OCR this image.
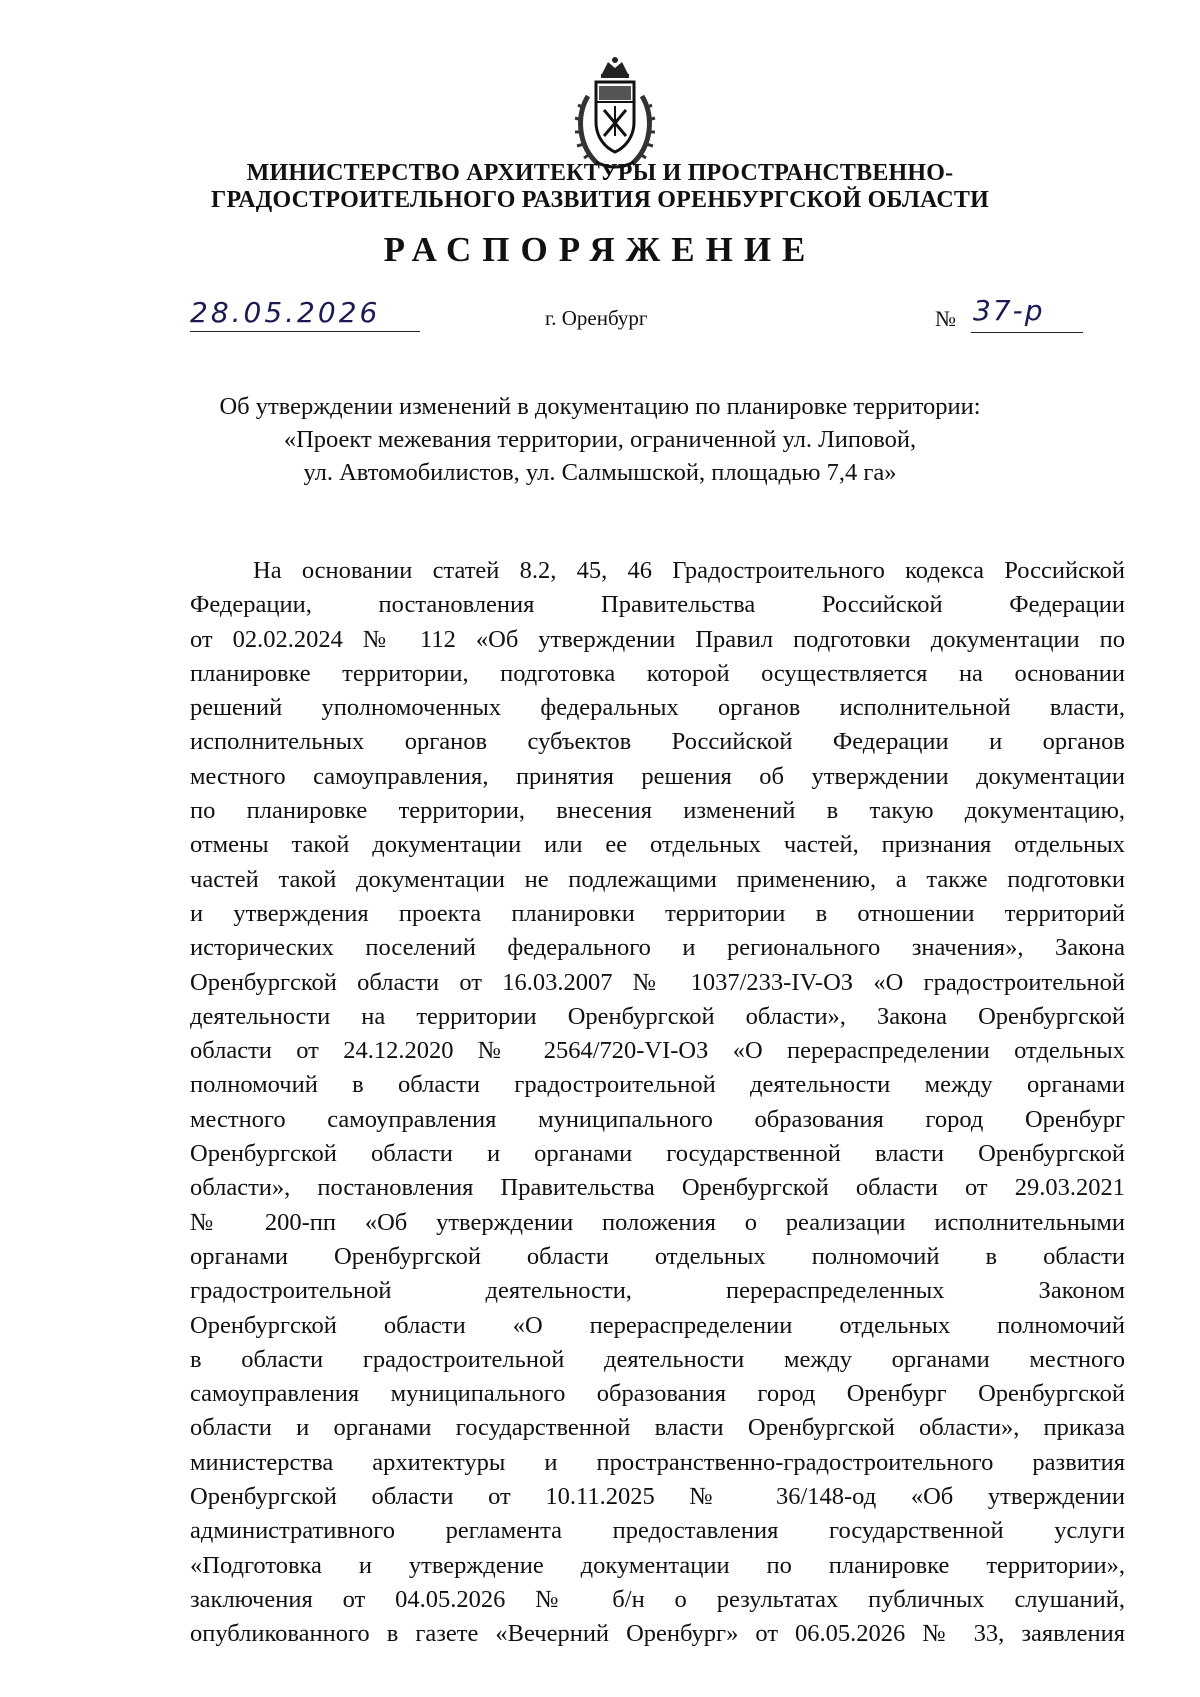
МИНИСТЕРСТВО АРХИТЕКТУРЫ И ПРОСТРАНСТВЕННО-
ГРАДОСТРОИТЕЛЬНОГО РАЗВИТИЯ ОРЕНБУРГСКОЙ ОБЛАСТИ
РАСПОРЯЖЕНИЕ
28.05.2026	г. Оренбург	№ 37-р
Об утверждении изменений в документацию по планировке территории:
«Проект межевания территории, ограниченной ул. Липовой,
ул. Автомобилистов, ул. Салмышской, площадью 7,4 га»
На основании статей 8.2, 45, 46 Градостроительного кодекса Российской
Федерации, постановления Правительства Российской Федерации
от 02.02.2024 № 112 «Об утверждении Правил подготовки документации по
планировке территории, подготовка которой осуществляется на основании
решений уполномоченных федеральных органов исполнительной власти,
исполнительных органов субъектов Российской Федерации и органов
местного самоуправления, принятия решения об утверждении документации
по планировке территории, внесения изменений в такую документацию,
отмены такой документации или ее отдельных частей, признания отдельных
частей такой документации не подлежащими применению, а также подготовки
и утверждения проекта планировки территории в отношении территорий
исторических поселений федерального и регионального значения», Закона
Оренбургской области от 16.03.2007 № 1037/233-IV-ОЗ «О градостроительной
деятельности на территории Оренбургской области», Закона Оренбургской
области от 24.12.2020 № 2564/720-VI-ОЗ «О перераспределении отдельных
полномочий в области градостроительной деятельности между органами
местного самоуправления муниципального образования город Оренбург
Оренбургской области и органами государственной власти Оренбургской
области», постановления Правительства Оренбургской области от 29.03.2021
№ 200-пп «Об утверждении положения о реализации исполнительными
органами Оренбургской области отдельных полномочий в области
градостроительной деятельности, перераспределенных Законом
Оренбургской области «О перераспределении отдельных полномочий
в области градостроительной деятельности между органами местного
самоуправления муниципального образования город Оренбург Оренбургской
области и органами государственной власти Оренбургской области», приказа
министерства архитектуры и пространственно-градостроительного развития
Оренбургской области от 10.11.2025 № 36/148-од «Об утверждении
административного регламента предоставления государственной услуги
«Подготовка и утверждение документации по планировке территории»,
заключения от 04.05.2026 № б/н о результатах публичных слушаний,
опубликованного в газете «Вечерний Оренбург» от 06.05.2026 № 33, заявления
